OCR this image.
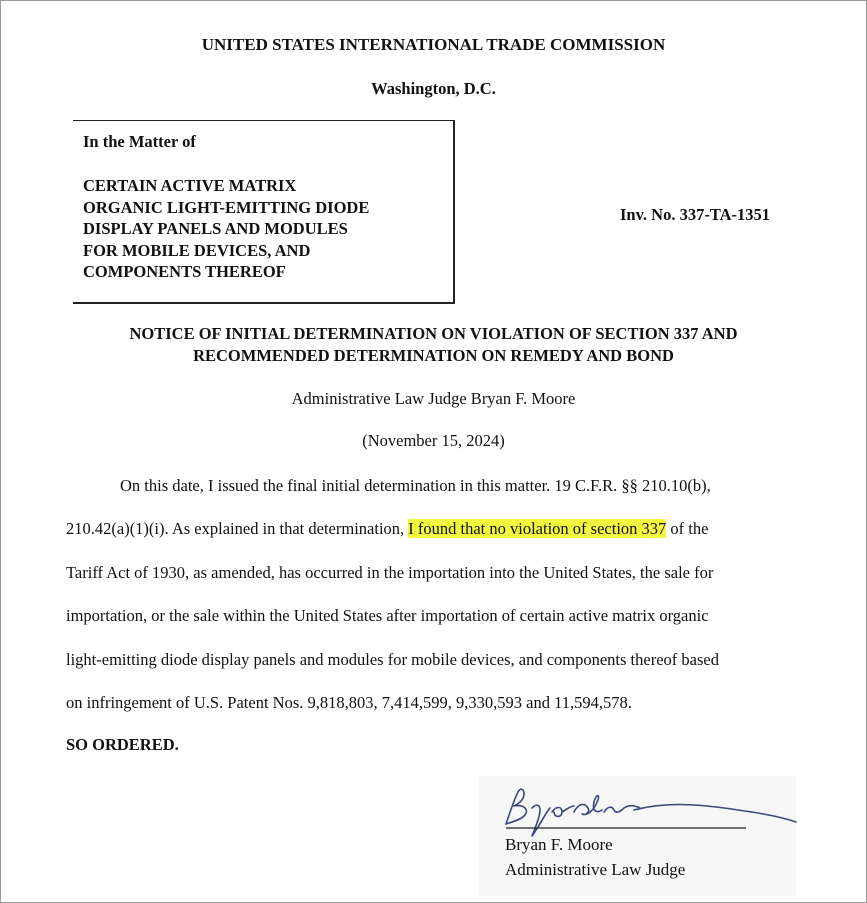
UNITED STATES INTERNATIONAL TRADE COMMISSION
Washington, D.C.
In the Matter of
CERTAIN ACTIVE MATRIX
ORGANIC LIGHT-EMITTING DIODE
DISPLAY PANELS AND MODULES
FOR MOBILE DEVICES, AND
COMPONENTS THEREOF
Inv. No. 337-TA-1351
NOTICE OF INITIAL DETERMINATION ON VIOLATION OF SECTION 337 AND
RECOMMENDED DETERMINATION ON REMEDY AND BOND
Administrative Law Judge Bryan F. Moore
(November 15, 2024)
On this date, I issued the final initial determination in this matter. 19 C.F.R. §§ 210.10(b),
210.42(a)(1)(i). As explained in that determination, I found that no violation of section 337 of the
Tariff Act of 1930, as amended, has occurred in the importation into the United States, the sale for
importation, or the sale within the United States after importation of certain active matrix organic
light-emitting diode display panels and modules for mobile devices, and components thereof based
on infringement of U.S. Patent Nos. 9,818,803, 7,414,599, 9,330,593 and 11,594,578.
SO ORDERED.
Bryan F. Moore
Administrative Law Judge
